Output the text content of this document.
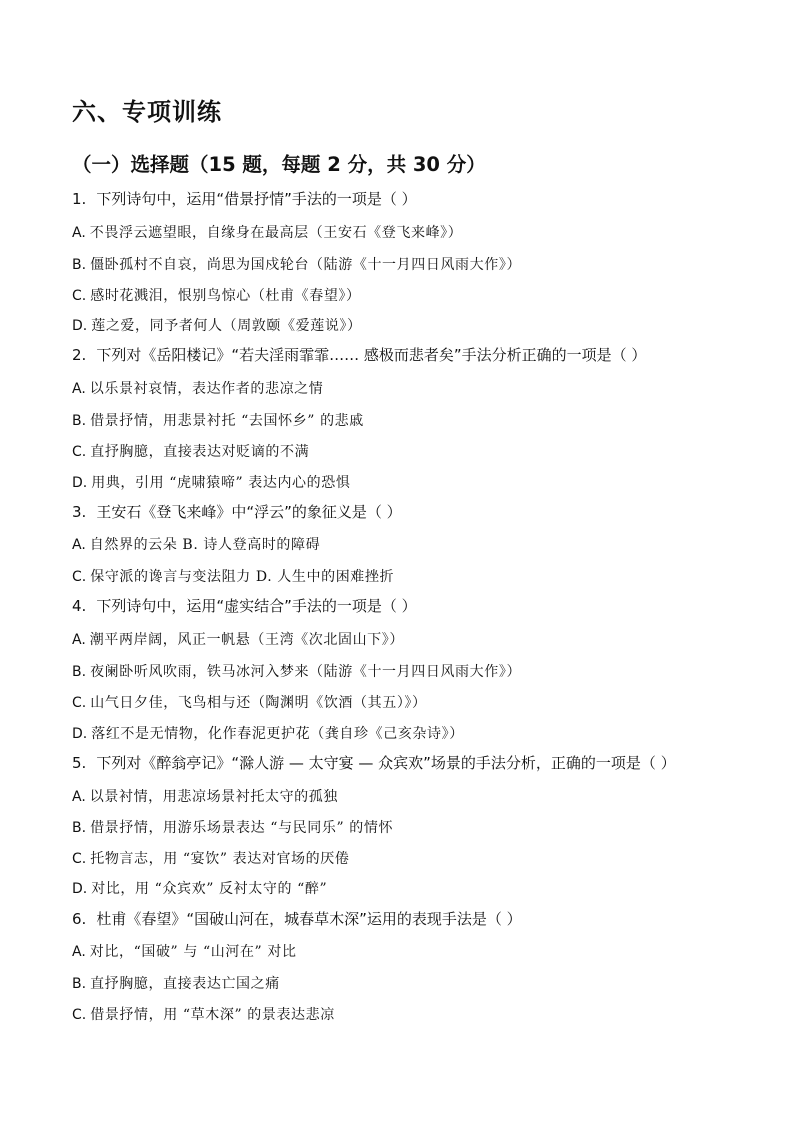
六、专项训练
（一）选择题（15 题，每题 2 分，共 30 分）
1. 下列诗句中，运用“借景抒情”手法的一项是（ ）
A. 不畏浮云遮望眼，自缘身在最高层（王安石《登飞来峰》）
B. 僵卧孤村不自哀，尚思为国戍轮台（陆游《十一月四日风雨大作》）
C. 感时花溅泪，恨别鸟惊心（杜甫《春望》）
D. 莲之爱，同予者何人（周敦颐《爱莲说》）
2. 下列对《岳阳楼记》“若夫淫雨霏霏…… 感极而悲者矣”手法分析正确的一项是（ ）
A. 以乐景衬哀情，表达作者的悲凉之情
B. 借景抒情，用悲景衬托 “去国怀乡” 的悲戚
C. 直抒胸臆，直接表达对贬谪的不满
D. 用典，引用 “虎啸猿啼” 表达内心的恐惧
3. 王安石《登飞来峰》中“浮云”的象征义是（ ）
A. 自然界的云朵 B. 诗人登高时的障碍
C. 保守派的谗言与变法阻力 D. 人生中的困难挫折
4. 下列诗句中，运用“虚实结合”手法的一项是（ ）
A. 潮平两岸阔，风正一帆悬（王湾《次北固山下》）
B. 夜阑卧听风吹雨，铁马冰河入梦来（陆游《十一月四日风雨大作》）
C. 山气日夕佳，飞鸟相与还（陶渊明《饮酒（其五）》）
D. 落红不是无情物，化作春泥更护花（龚自珍《己亥杂诗》）
5. 下列对《醉翁亭记》“滁人游 — 太守宴 — 众宾欢”场景的手法分析，正确的一项是（ ）
A. 以景衬情，用悲凉场景衬托太守的孤独
B. 借景抒情，用游乐场景表达 “与民同乐” 的情怀
C. 托物言志，用 “宴饮” 表达对官场的厌倦
D. 对比，用 “众宾欢” 反衬太守的 “醉”
6. 杜甫《春望》“国破山河在，城春草木深”运用的表现手法是（ ）
A. 对比，“国破” 与 “山河在” 对比
B. 直抒胸臆，直接表达亡国之痛
C. 借景抒情，用 “草木深” 的景表达悲凉
